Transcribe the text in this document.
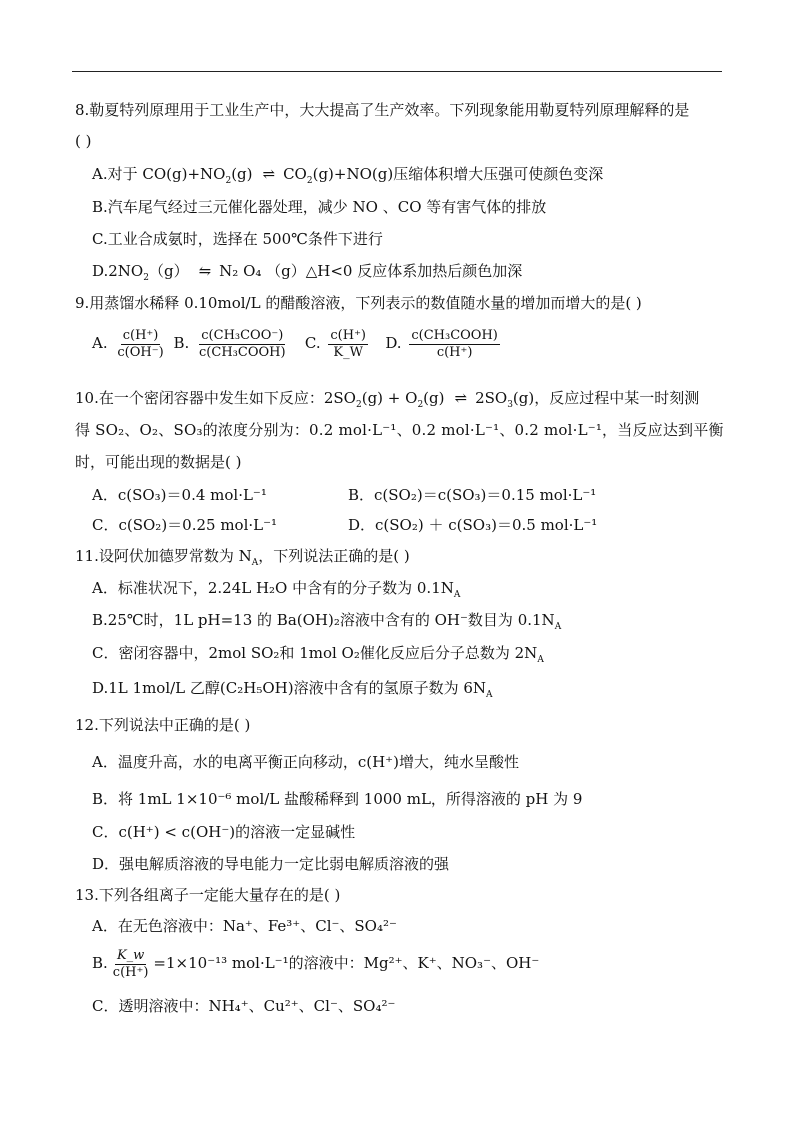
8.勒夏特列原理用于工业生产中，大大提高了生产效率。下列现象能用勒夏特列原理解释的是
( )
A.对于 $CO(g)+NO_2(g)$ ⇌ $CO_2(g)+NO(g)$压缩体积增大压强可使颜色变深
B.汽车尾气经过三元催化器处理，减少 NO 、CO 等有害气体的排放
C.工业合成氨时，选择在 500℃条件下进行
$D.2NO_2(g)$ ⇋ N₂ O₄ （g）△H<0 反应体系加热后颜色加深
9.用蒸馏水稀释 0.10mol/L 的醋酸溶液，下列表示的数值随水量的增加而增大的是( )
A. $\frac{c(H^+)}{c(OH^-)} B$. $\frac{\text{c(CH₃COO⁻)}}{\text{c(CH₃COOH)}} C$. $\frac{c(H^+)}{K\_W} D$. $\frac{\text{c(CH₃COOH)}}{c(H^+)}$
10.在一个密闭容器中发生如下反应：$2SO_2(g) + O_2(g)$ ⇌ $2SO_3(g)$，反应过程中某一时刻测
得 SO₂、O₂、SO₃的浓度分别为：0.2 mol·L⁻¹、0.2 mol·L⁻¹、0.2 mol·L⁻¹，当反应达到平衡
时，可能出现的数据是( )
A．c(SO₃)＝0.4 mol·L⁻¹	B．c(SO₂)＝c(SO₃)＝0.15 mol·L⁻¹
C．c(SO₂)＝0.25 mol·L⁻¹	D．c(SO₂) ＋ c(SO₃)＝0.5 mol·L⁻¹
11.设阿伏加德罗常数为 $N_A$，下列说法正确的是( )
A．标准状况下，2.24L H₂O 中含有的分子数为 $0.1N_A$
B.25℃时，1L pH=13 的 Ba(OH)₂溶液中含有的 OH⁻数目为 $0.1N_A$
C．密闭容器中，2mol SO₂和 1mol O₂催化反应后分子总数为 $2N_A$
D.1L 1mol/L 乙醇(C₂H₅OH)溶液中含有的氢原子数为 $6N_A$
12.下列说法中正确的是( )
A．温度升高，水的电离平衡正向移动，c(H⁺)增大，纯水呈酸性
B．将 1mL 1×10⁻⁶ mol/L 盐酸稀释到 1000 mL，所得溶液的 pH 为 9
C．c(H⁺) < c(OH⁻)的溶液一定显碱性
D．强电解质溶液的导电能力一定比弱电解质溶液的强
13.下列各组离子一定能大量存在的是( )
A．在无色溶液中：Na⁺、Fe³⁺、Cl⁻、SO₄²⁻
B. $\frac{K\_w}{c(H^+)} =1\times 10^{-13}$ mol·L⁻¹的溶液中：Mg²⁺、K⁺、NO₃⁻、OH⁻
C．透明溶液中：NH₄⁺、Cu²⁺、Cl⁻、SO₄²⁻
